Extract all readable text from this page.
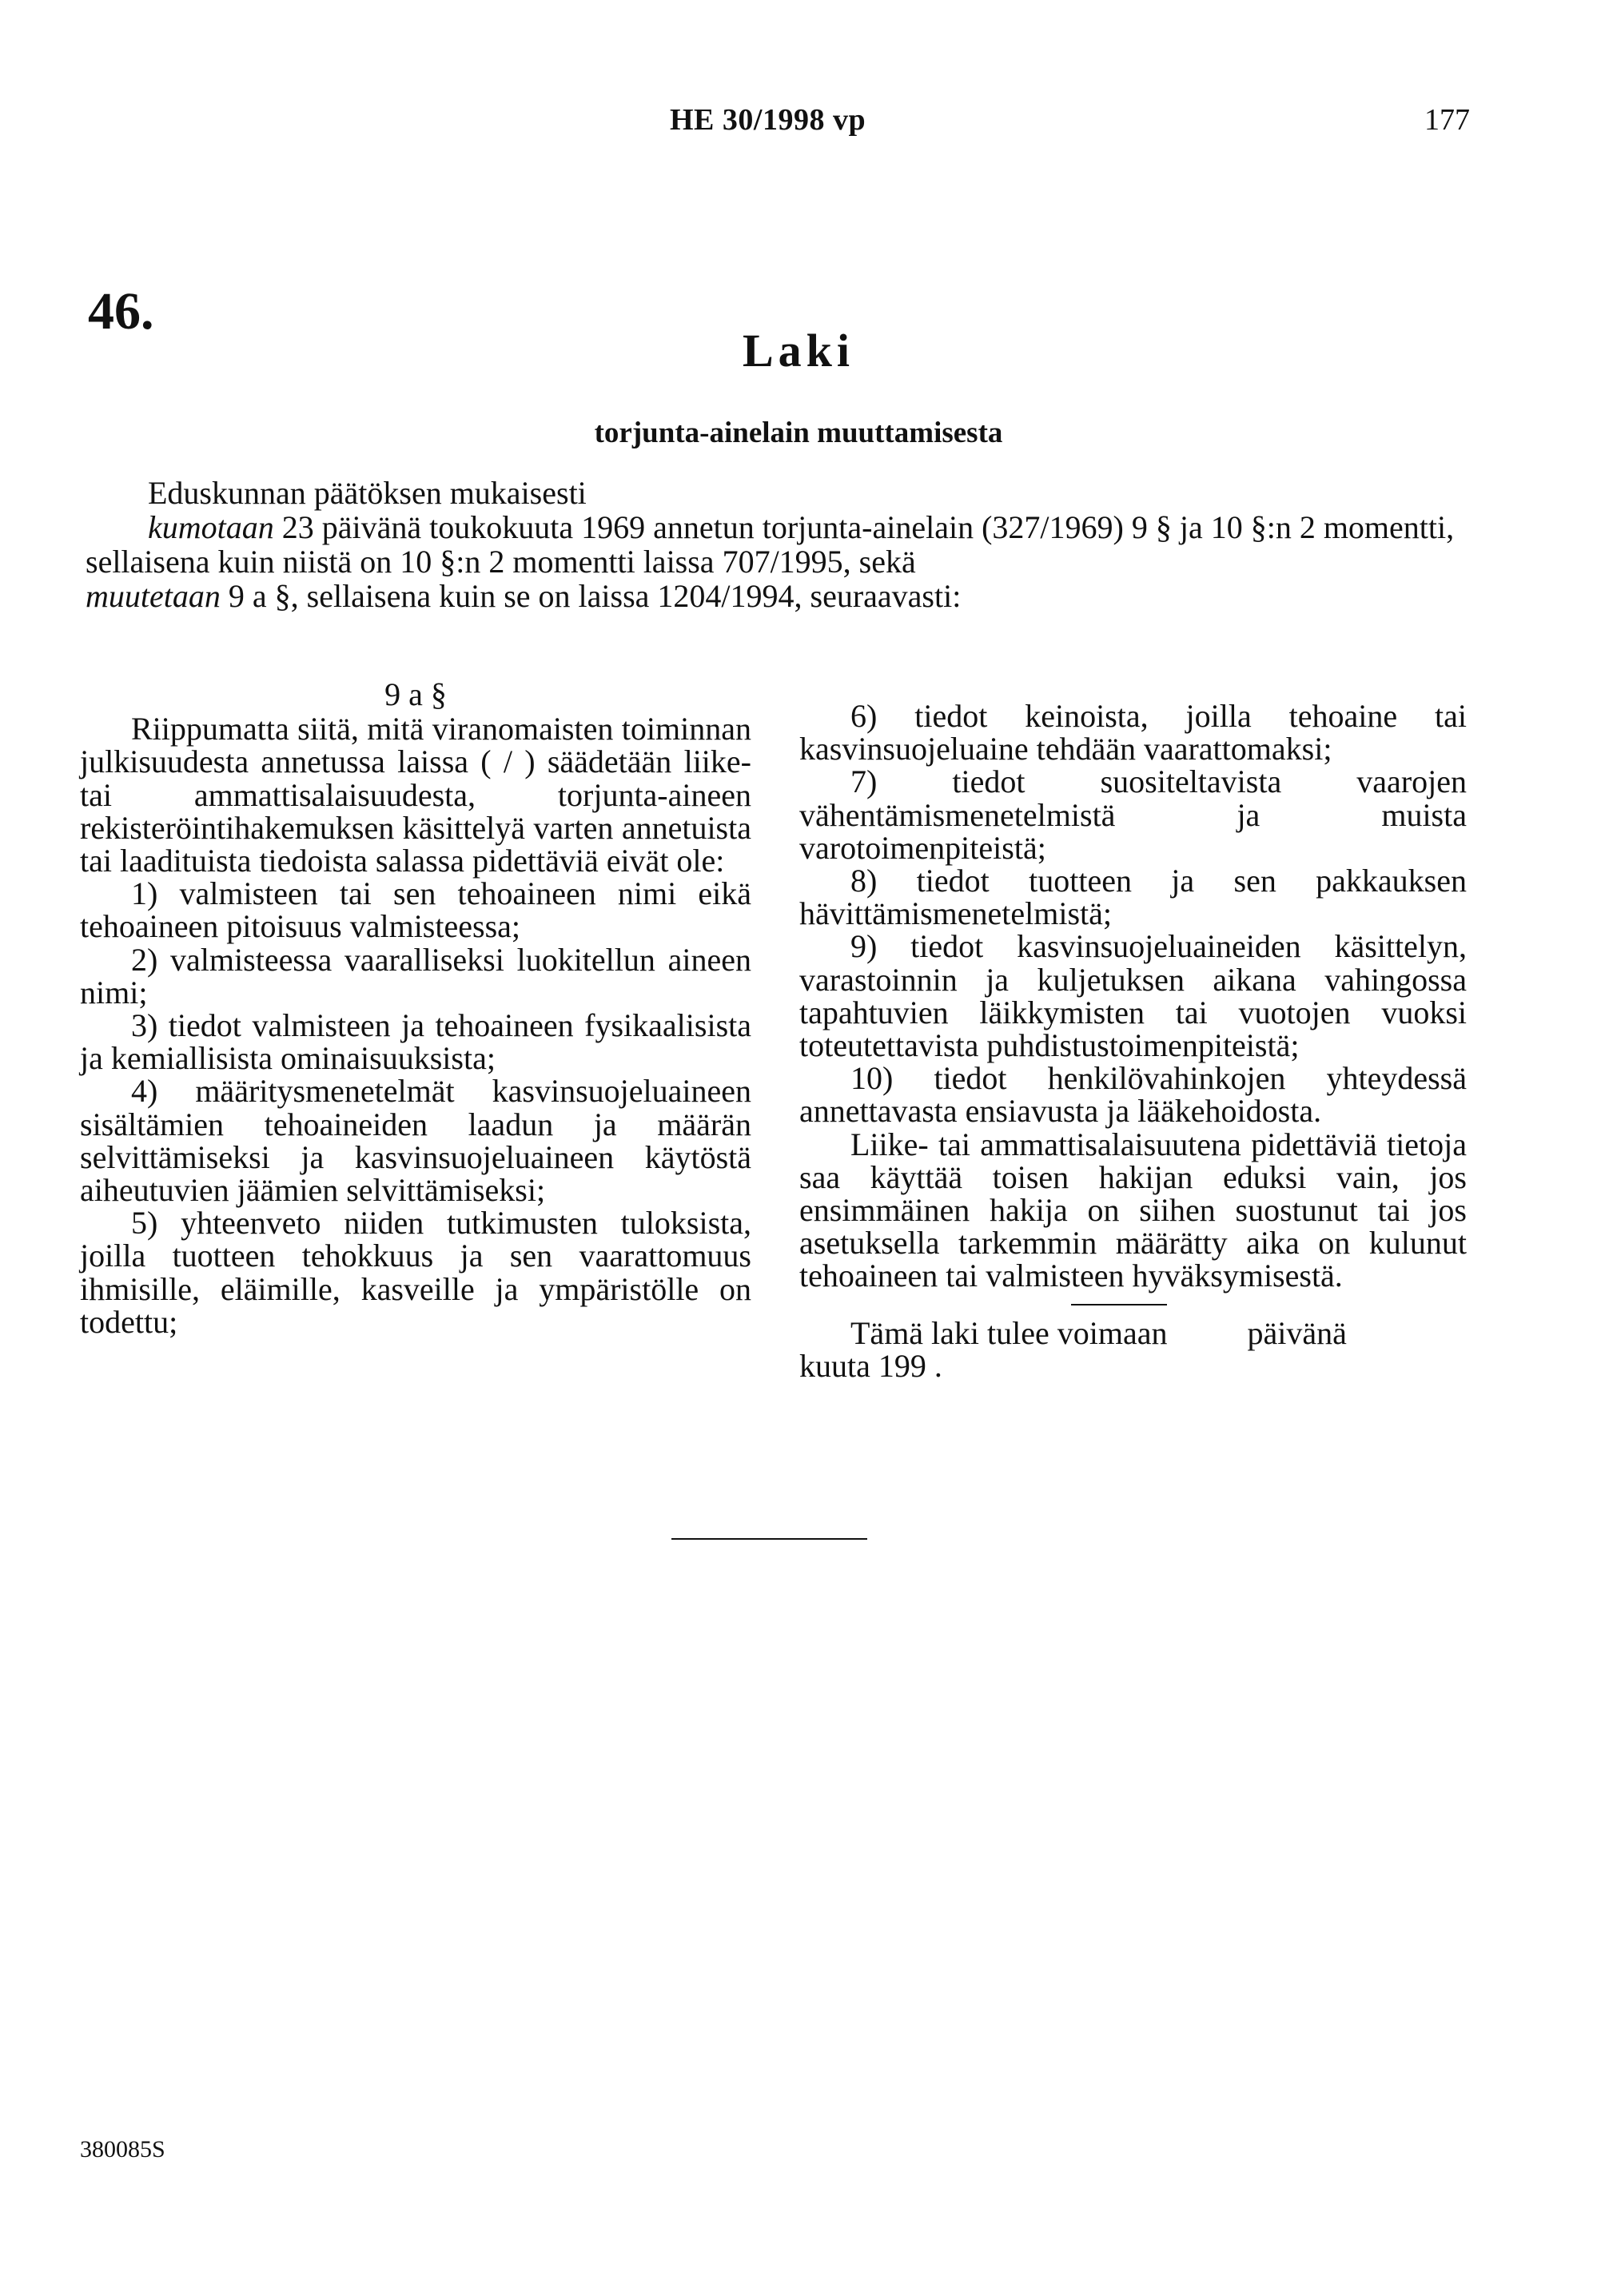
HE 30/1998 vp	177
46.
Laki
torjunta-ainelain muuttamisesta

Eduskunnan päätöksen mukaisesti

kumotaan 23 päivänä toukokuuta 1969 annetun torjunta-ainelain (327/1969) 9 § ja 10 §:n 2 momentti, sellaisena kuin niistä on 10 §:n 2 momentti laissa 707/1995, sekä

muutetaan 9 a §, sellaisena kuin se on laissa 1204/1994, seuraavasti:

9 a §

Riippumatta siitä, mitä viranomaisten toiminnan julkisuudesta annetussa laissa ( / ) säädetään liike- tai ammattisalaisuudesta, torjunta-aineen rekisteröintihakemuksen käsittelyä varten annetuista tai laadituista tiedoista salassa pidettäviä eivät ole:

1) valmisteen tai sen tehoaineen nimi eikä tehoaineen pitoisuus valmisteessa;

2) valmisteessa vaaralliseksi luokitellun aineen nimi;

3) tiedot valmisteen ja tehoaineen fysikaalisista ja kemiallisista ominaisuuksista;

4) määritysmenetelmät kasvinsuojeluaineen sisältämien tehoaineiden laadun ja määrän selvittämiseksi ja kasvinsuojeluaineen käytöstä aiheutuvien jäämien selvittämiseksi;

5) yhteenveto niiden tutkimusten tuloksista, joilla tuotteen tehokkuus ja sen vaarattomuus ihmisille, eläimille, kasveille ja ympäristölle on todettu;

6) tiedot keinoista, joilla tehoaine tai kasvinsuojeluaine tehdään vaarattomaksi;

7) tiedot suositeltavista vaarojen vähentämismenetelmistä ja muista varotoimenpiteistä;

8) tiedot tuotteen ja sen pakkauksen hävittämismenetelmistä;

9) tiedot kasvinsuojeluaineiden käsittelyn, varastoinnin ja kuljetuksen aikana vahingossa tapahtuvien läikkymisten tai vuotojen vuoksi toteutettavista puhdistustoimenpiteistä;

10) tiedot henkilövahinkojen yhteydessä annettavasta ensiavusta ja lääkehoidosta.

Liike- tai ammattisalaisuutena pidettäviä tietoja saa käyttää toisen hakijan eduksi vain, jos ensimmäinen hakija on siihen suostunut tai jos asetuksella tarkemmin määrätty aika on kulunut tehoaineen tai valmisteen hyväksymisestä.

Tämä laki tulee voimaan          päivänä          kuuta 199 .

380085S
